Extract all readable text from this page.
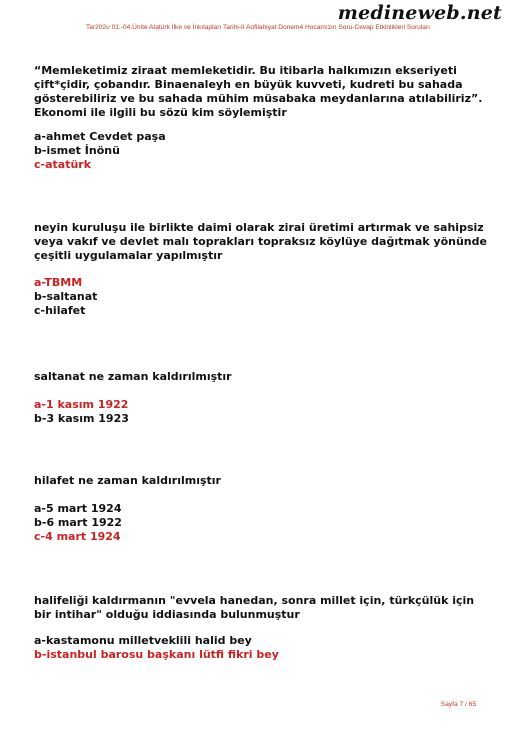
medineweb.net
Tar202u 01.-04.Ünite Atatürk İlke ve İnkılapları Tarihi-II Aofilahiyat Donem4 Hocamızın Soru-Cevap Etkinlikleri Soruları

“Memleketimiz ziraat memleketidir. Bu itibarla halkımızın ekseriyeti

çift*çidir, çobandır. Binaenaleyh en büyük kuvveti, kudreti bu sahada

gösterebiliriz ve bu sahada mühim müsabaka meydanlarına atılabiliriz”.

Ekonomi ile ilgili bu sözü kim söylemiştir

a-ahmet Cevdet paşa

b-ismet İnönü

c-atatürk

neyin kuruluşu ile birlikte daimi olarak zirai üretimi artırmak ve sahipsiz

veya vakıf ve devlet malı toprakları topraksız köylüye dağıtmak yönünde

çeşitli uygulamalar yapılmıştır

a-TBMM

b-saltanat

c-hilafet

saltanat ne zaman kaldırılmıştır

a-1 kasım 1922

b-3 kasım 1923

hilafet ne zaman kaldırılmıştır

a-5 mart 1924

b-6 mart 1922

c-4 mart 1924

halifeliği kaldırmanın "evvela hanedan, sonra millet için, türkçülük için

bir intihar" olduğu iddiasında bulunmuştur

a-kastamonu milletveklili halid bey

b-istanbul barosu başkanı lütfi fikri bey

Sayfa 7 / 65
